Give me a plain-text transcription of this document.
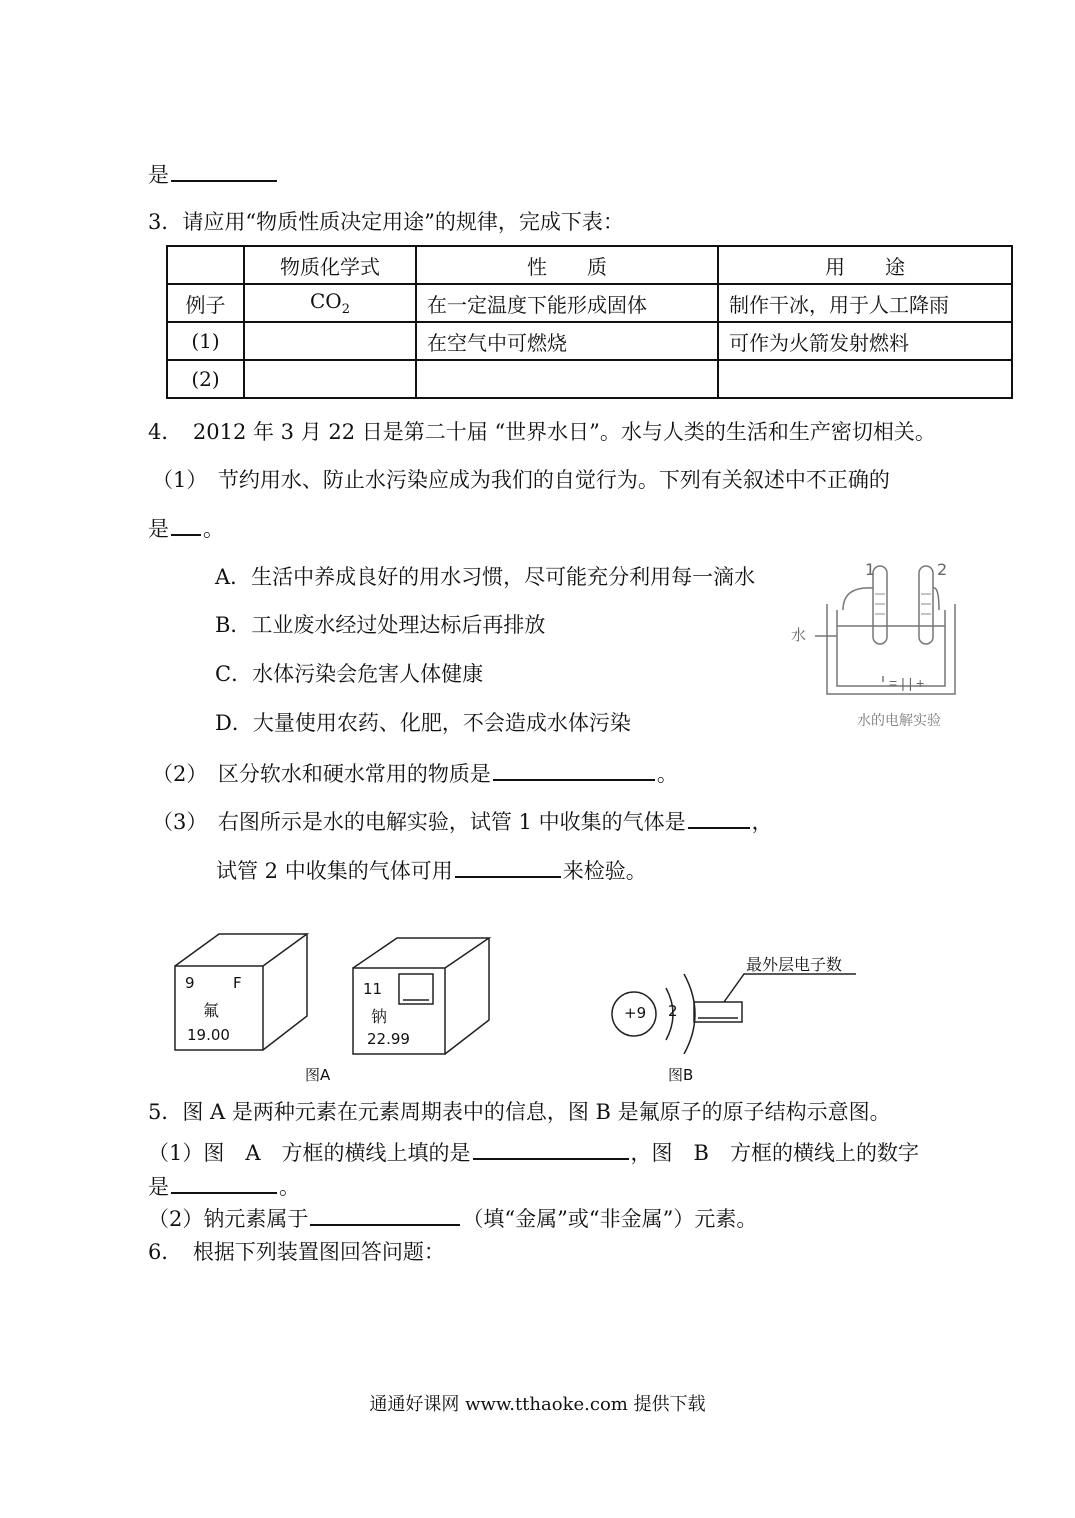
是
3．请应用“物质性质决定用途”的规律，完成下表：
	物质化学式	性　　质	用　　途
例子	$CO_2$	在一定温度下能形成固体	制作干冰，用于人工降雨
(1)		在空气中可燃烧	可作为火箭发射燃料
(2)			
4．　2012 年 3 月 22 日是第二十届 “世界水日”。水与人类的生活和生产密切相关。
（1）　节约用水、防止水污染应成为我们的自觉行为。下列有关叙述中不正确的
是 。
A．生活中养成良好的用水习惯，尽可能充分利用每一滴水
B．工业废水经过处理达标后再排放
C．水体污染会危害人体健康
D．大量使用农药、化肥，不会造成水体污染
（2）　区分软水和硬水常用的物质是	。
（3）　右图所示是水的电解实验，试管 1 中收集的气体是	，
试管 2 中收集的气体可用	来检验。
= | | +
1	2
水
水的电解实验
9	F
氟
19.00
11
钠
22.99
图A
+9 2
最外层电子数
图B
5．图 A 是两种元素在元素周期表中的信息，图 B 是氟原子的原子结构示意图。
（1）图　A　方框的横线上填的是	，图　B　方框的横线上的数字
是	。
（2）钠元素属于	（填“金属”或“非金属”）元素。
6．　根据下列装置图回答问题：
通通好课网 www.tthaoke.com 提供下载
